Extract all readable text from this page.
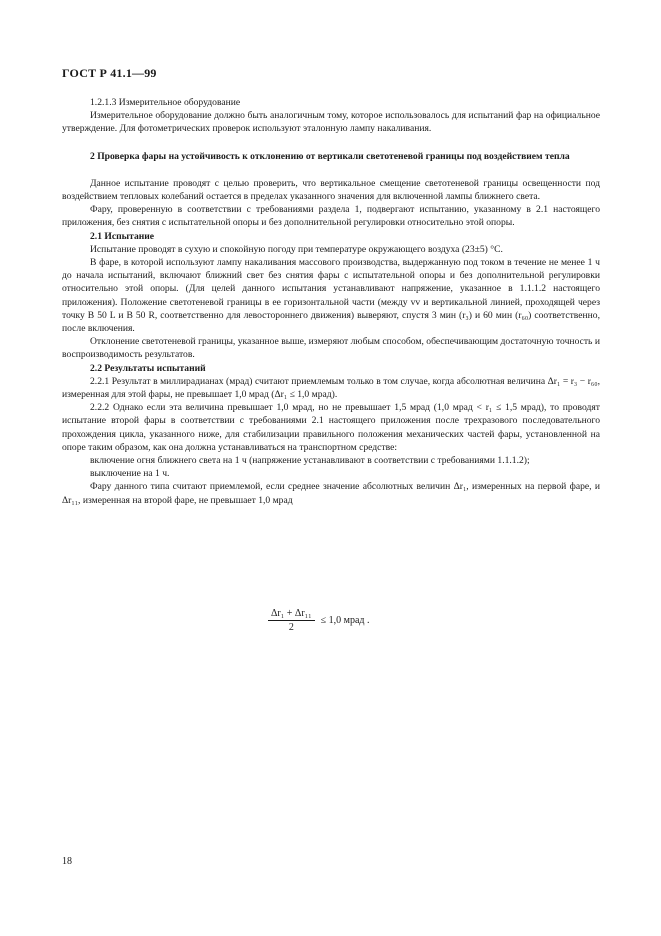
ГОСТ Р 41.1—99

1.2.1.3 Измерительное оборудование

Измерительное оборудование должно быть аналогичным тому, которое использовалось для испытаний фар на официальное утверждение. Для фотометрических проверок используют эталонную лампу накаливания.

2 Проверка фары на устойчивость к отклонению от вертикали светотеневой границы под воздействием тепла

Данное испытание проводят с целью проверить, что вертикальное смещение светотеневой границы освещенности под воздействием тепловых колебаний остается в пределах указанного значения для включенной лампы ближнего света.

Фару, проверенную в соответствии с требованиями раздела 1, подвергают испытанию, указанному в 2.1 настоящего приложения, без снятия с испытательной опоры и без дополнительной регулировки относительно этой опоры.

2.1 Испытание

Испытание проводят в сухую и спокойную погоду при температуре окружающего воздуха (23±5) °С.

В фаре, в которой используют лампу накаливания массового производства, выдержанную под током в течение не менее 1 ч до начала испытаний, включают ближний свет без снятия фары с испытательной опоры и без дополнительной регулировки относительно этой опоры. (Для целей данного испытания устанавливают напряжение, указанное в 1.1.1.2 настоящего приложения). Положение светотеневой границы в ее горизонтальной части (между vv и вертикальной линией, проходящей через точку В 50 L и В 50 R, соответственно для левостороннего движения) выверяют, спустя 3 мин (r₃) и 60 мин (r₆₀) соответственно, после включения.

Отклонение светотеневой границы, указанное выше, измеряют любым способом, обеспечивающим достаточную точность и воспроизводимость результатов.

2.2 Результаты испытаний

2.2.1 Результат в миллирадианах (мрад) считают приемлемым только в том случае, когда абсолютная величина Δr₁ = r₃ − r₆₀, измеренная для этой фары, не превышает 1,0 мрад (Δr₁ ≤ 1,0 мрад).

2.2.2 Однако если эта величина превышает 1,0 мрад, но не превышает 1,5 мрад (1,0 мрад < r₁ ≤ 1,5 мрад), то проводят испытание второй фары в соответствии с требованиями 2.1 настоящего приложения после трехразового последовательного прохождения цикла, указанного ниже, для стабилизации правильного положения механических частей фары, установленной на опоре таким образом, как она должна устанавливаться на транспортном средстве:

включение огня ближнего света на 1 ч (напряжение устанавливают в соответствии с требованиями 1.1.1.2);

выключение на 1 ч.

Фару данного типа считают приемлемой, если среднее значение абсолютных величин Δr₁, измеренных на первой фаре, и Δr₁₁, измеренная на второй фаре, не превышает 1,0 мрад

$\frac{\text{Δr₁ + Δr₁₁}}{2} \le 1,0$ мрад .
18
